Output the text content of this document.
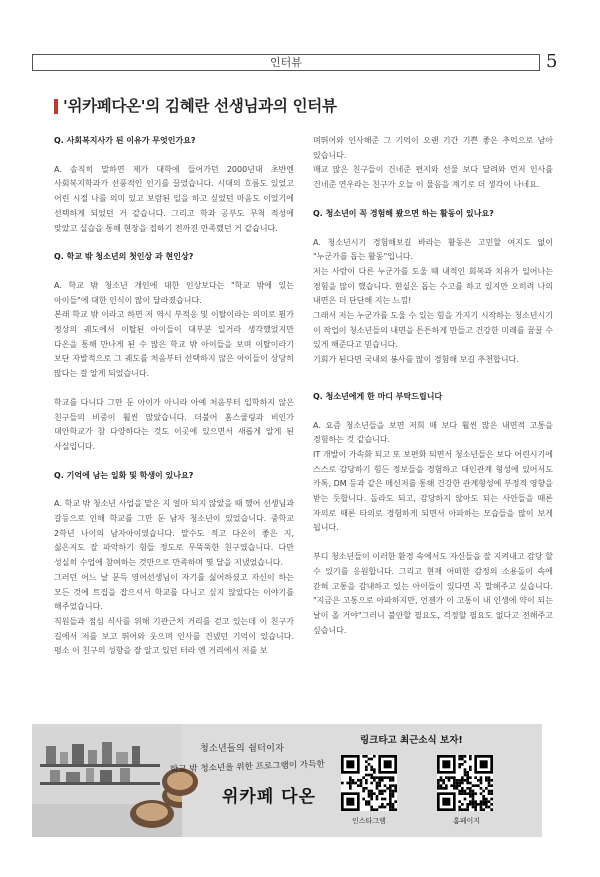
인터뷰	5
'위카페다온'의 김혜란 선생님과의 인터뷰
Q. 사회복지사가 된 이유가 무엇인가요?
A. 솔직히 말하면 제가 대학에 들어가던 2000년대 초반엔 사회복지학과가 선풍적인 인기를 끌었습니다. 시대의 흐름도 있었고 어린 시절 나를 의미 있고 보람된 일을 하고 싶었던 마음도 이었기에 선택하게 되었던 거 같습니다. 그리고 학과 공부도 무척 적성에 맞았고 실습을 통해 현장을 접하기 전까진 만족했던 거 같습니다.
Q. 학교 밖 청소년의 첫인상 과 현인상?
A. 학교 밖 청소년 개인에 대한 인상보다는 "학교 밖에 있는 아이들"에 대한 인식이 많이 달라졌습니다.
본래 학교 밖 이라고 하면 저 역시 부적응 및 이탈이라는 의미로 뭔가 정상의 궤도에서 이탈된 아이들이 대부분 일거라 생각했었지만 다온을 통해 만나게 된 수 많은 학교 밖 아이들을 보며 이탈이라기 보단 자발적으로 그 궤도를 처음부터 선택하지 않은 아이들이 상당히 많다는 걸 알게 되었습니다.
학교를 다니다 그만 둔 아이가 아니라 아예 처음부터 입학하지 않은 친구들의 비중이 훨씬 많았습니다. 더불어 홈스쿨링과 비인가 대안학교가 참 다양하다는 것도 이곳에 있으면서 새롭게 알게 된 사실입니다.
Q. 기억에 남는 일화 및 학생이 있나요?
A. 학교 밖 청소년 사업을 맡은 지 얼마 되지 않았을 때 했어 선생님과 갈등으로 인해 학교를 그만 둔 남자 청소년이 있었습니다. 중학교 2학년 나이의 남자아이였습니다. 말수도 적고 다온이 좋은 지, 싫은지도 잘 파악하기 힘들 정도로 무뚝뚝한 친구였습니다. 다만 성실히 수업에 참여하는 것만으로 만족하며 몇 달을 지냈었습니다.
그러던 어느 날 문득 영어선생님이 자기를 싫어하셨고 자신이 하는 모든 것에 트집을 잡으셔서 학교를 다니고 싶지 않았다는 이야기를 해주었습니다.
직원들과 점심 식사를 위해 기관근처 거리를 걷고 있는데 이 친구가 길에서 저를 보고 뛰어와 웃으며 인사를 건넸던 기억이 있습니다. 평소 이 친구의 성향을 잘 알고 있던 터라 엔 거리에서 저를 보
며뛰어와 인사해준 그 기억이 오랜 기간 기쁜 좋은 추억으로 남아 있습니다.
매교 많은 친구들이 건네준 편지와 선물 보다 달려와 먼저 인사를 건네준 연우라는 친구가 오늘 이 물음을 계기로 더 생각이 나네요.
Q. 청소년이 꼭 경험해 봤으면 하는 활동이 있나요?
A. 청소년시기 경험해보길 바라는 활동은 고민할 여지도 없이 "누군가를 돕는 활동"입니다.
저는 사람이 다른 누군가를 도울 때 내적인 회복과 치유가 일어나는 경험을 많이 했습니다. 현실은 돕는 수고를 하고 있지만 오히려 나의 내면은 더 단단해 지는 느낌!
그래서 저는 누군가를 도울 수 있는 힘을 가지기 시작하는 청소년시기 이 작업이 청소년들의 내면을 튼튼하게 만들고 건강한 미래를 꿈꿀 수 있게 해준다고 믿습니다.
기회가 된다면 국내외 봉사를 많이 경험해 보길 추천합니다.
Q. 청소년에게 한 마디 부탁드립니다
A. 요즘 청소년들을 보면 저희 때 보다 훨씬 많은 내면적 고통을 경험하는 것 같습니다.
IT 개발이 가속화 되고 또 보편화 되면서 청소년들은 보다 어린시기에 스스로 감당하기 힘든 정보들을 경험하고 대인관계 형성에 있어서도 카톡, DM 등과 같은 메신저를 통해 건강한 관계형성에 부정적 영향을 받는 듯합니다. 돌라도 되고, 감당하지 않아도 되는 사안들을 때론 자의로 때론 타의로 경험하게 되면서 아파하는 모습들을 많이 보게 됩니다.
부디 청소년들이 이러한 환경 속에서도 자신들을 잘 지켜내고 감당 할 수 있기를 응원합니다. 그리고 현재 어떠한 감정의 소용돌이 속에 갇혀 고통을 감내하고 있는 아이들이 있다면 꼭 말해주고 싶습니다. "지금은 고통으로 아파하지만, 언젠가 이 고통이 내 인생에 약이 되는 날이 올 거야"그러니 불안할 필요도, 걱정할 필요도 없다고 전해주고 싶습니다.
청소년들의 쉼터이자
학교 밖 청소년을 위한 프로그램이 가득한
위카페 다온
링크타고 최근소식 보자!
인스타그램	홈페이지
